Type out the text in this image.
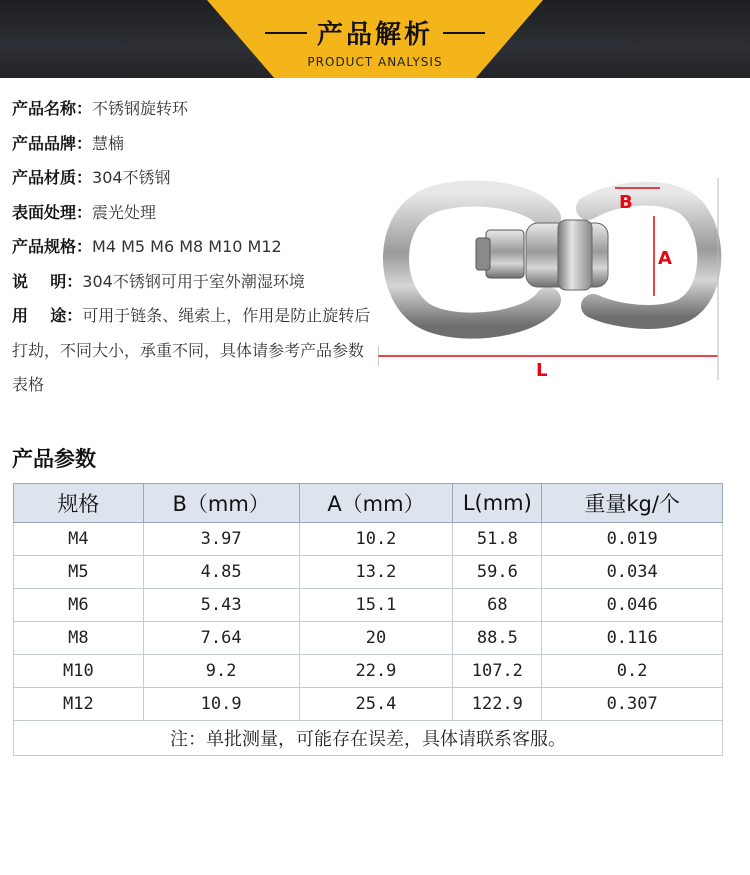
产品解析
PRODUCT ANALYSIS
产品名称：不锈钢旋转环
产品品牌：慧楠
产品材质：304不锈钢
表面处理：震光处理
产品规格：M4 M5 M6 M8 M10 M12
说    明：304不锈钢可用于室外潮湿环境
用    途：可用于链条、绳索上，作用是防止旋转后打劫，不同大小，承重不同，具体请参考产品参数表格
B
A
L
产品参数
规格	B（mm）	A（mm）	L(mm)	重量kg/个
M4	3.97	10.2	51.8	0.019
M5	4.85	13.2	59.6	0.034
M6	5.43	15.1	68	0.046
M8	7.64	20	88.5	0.116
M10	9.2	22.9	107.2	0.2
M12	10.9	25.4	122.9	0.307
注：单批测量，可能存在误差，具体请联系客服。				
